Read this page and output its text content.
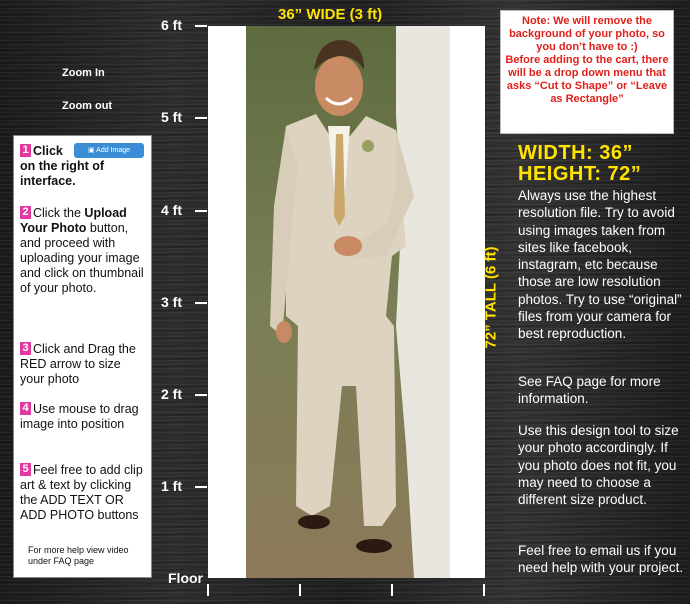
36” WIDE (3 ft)
6 ft
5 ft
4 ft
3 ft
2 ft
1 ft
Floor
72” TALL (6 ft)
Zoom In
Zoom out
1 Click
on the right of interface.
▣ Add Image
2 Click the Upload Your Photo button, and proceed with uploading your image and click on thumbnail of your photo.
3 Click and Drag the RED arrow to size your photo
4 Use mouse to drag image into position
5 Feel free to add clip art & text by clicking the ADD TEXT OR ADD PHOTO buttons
For more help view video under FAQ page
Note: We will remove the background of your photo, so you don’t have to :)
Before adding to the cart, there will be a drop down menu that asks “Cut to Shape” or “Leave as Rectangle”
WIDTH: 36”
HEIGHT: 72”
Always use the highest resolution file. Try to avoid using images taken from sites like facebook, instagram, etc because those are low resolution photos. Try to use “original” files from your camera for best reproduction.
See FAQ page for more information.
Use this design tool to size your photo accordingly. If you photo does not fit, you may need to choose a different size product.
Feel free to email us if you need help with your project.
